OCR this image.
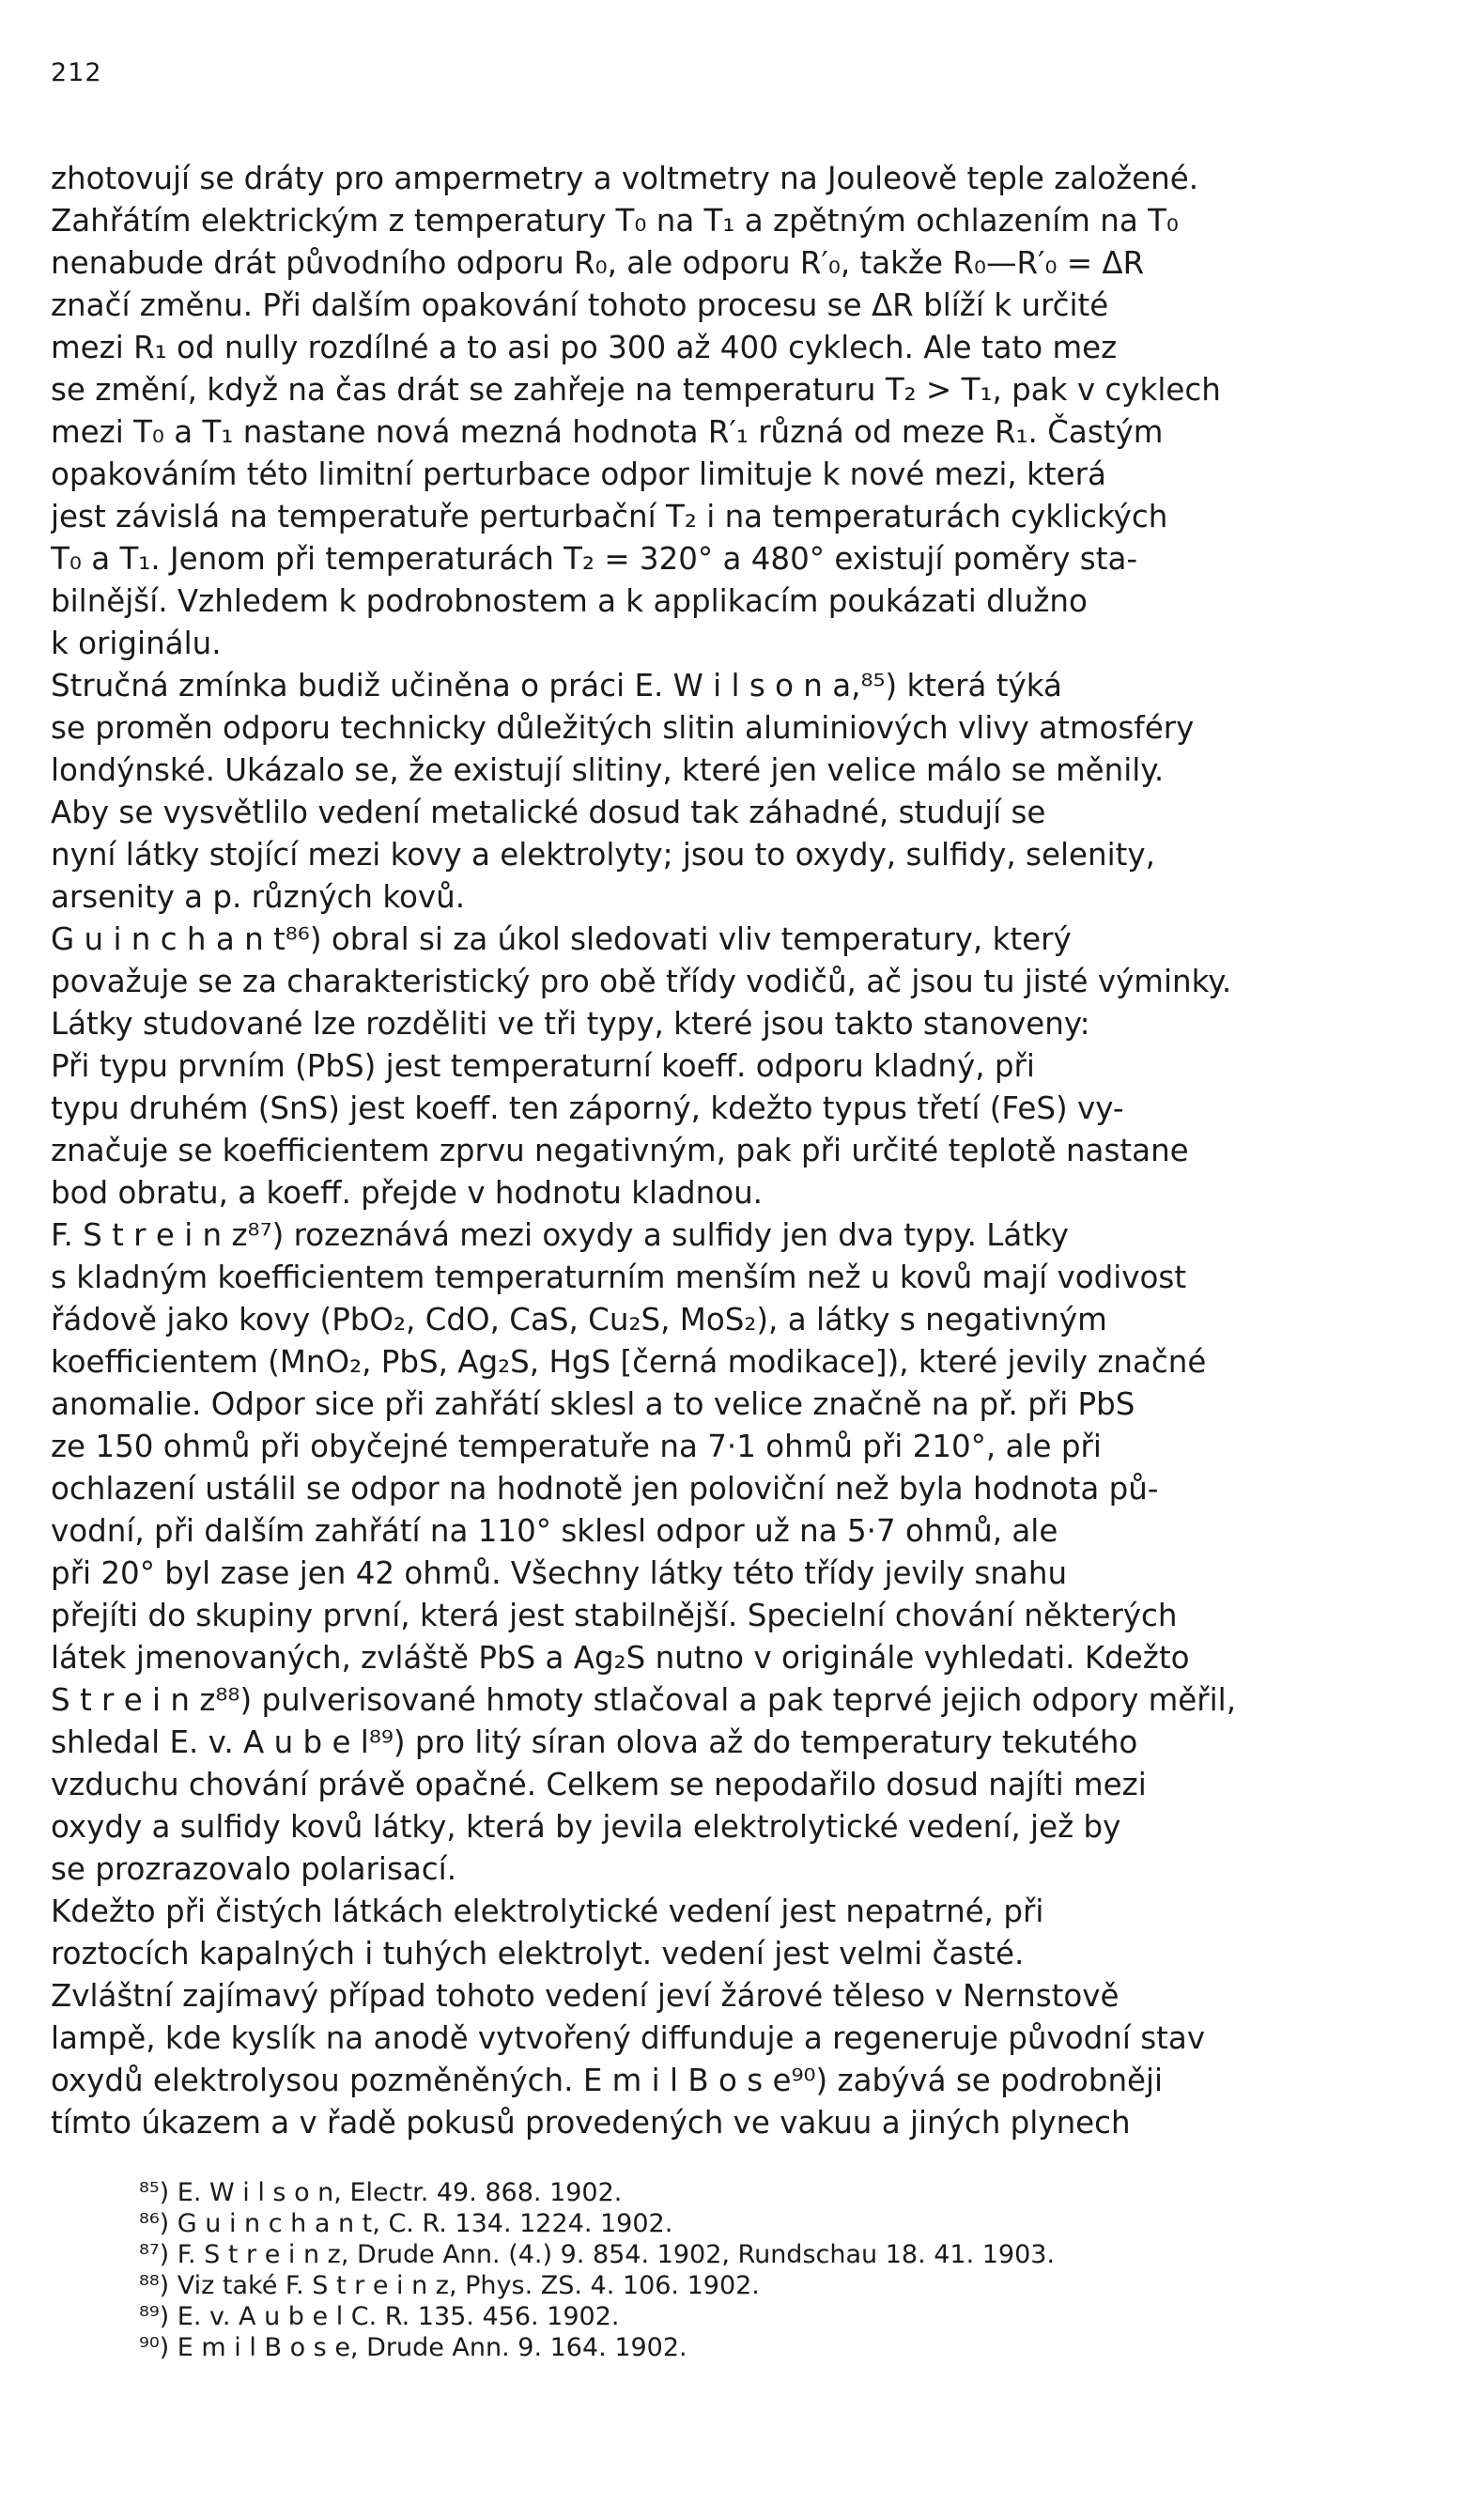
212
zhotovují se dráty pro ampermetry a voltmetry na Jouleově teple založené.
Zahřátím elektrickým z temperatury T₀ na T₁ a zpětným ochlazením na T₀
nenabude drát původního odporu R₀, ale odporu R′₀, takže R₀—R′₀ = ΔR
značí změnu. Při dalším opakování tohoto procesu se ΔR blíží k určité
mezi R₁ od nully rozdílné a to asi po 300 až 400 cyklech. Ale tato mez
se změní, když na čas drát se zahřeje na temperaturu T₂ > T₁, pak v cyklech
mezi T₀ a T₁ nastane nová mezná hodnota R′₁ různá od meze R₁. Častým
opakováním této limitní perturbace odpor limituje k nové mezi, která
jest závislá na temperatuře perturbační T₂ i na temperaturách cyklických
T₀ a T₁. Jenom při temperaturách T₂ = 320° a 480° existují poměry sta-
bilnější. Vzhledem k podrobnostem a k applikacím poukázati dlužno
k originálu.
Stručná zmínka budiž učiněna o práci E. W i l s o n a,⁸⁵) která týká
se proměn odporu technicky důležitých slitin aluminiových vlivy atmosféry
londýnské. Ukázalo se, že existují slitiny, které jen velice málo se měnily.
Aby se vysvětlilo vedení metalické dosud tak záhadné, studují se
nyní látky stojící mezi kovy a elektrolyty; jsou to oxydy, sulfidy, selenity,
arsenity a p. různých kovů.
G u i n c h a n t⁸⁶) obral si za úkol sledovati vliv temperatury, který
považuje se za charakteristický pro obě třídy vodičů, ač jsou tu jisté výminky.
Látky studované lze rozděliti ve tři typy, které jsou takto stanoveny:
Při typu prvním (PbS) jest temperaturní koeff. odporu kladný, při
typu druhém (SnS) jest koeff. ten záporný, kdežto typus třetí (FeS) vy-
značuje se koefficientem zprvu negativným, pak při určité teplotě nastane
bod obratu, a koeff. přejde v hodnotu kladnou.
F. S t r e i n z⁸⁷) rozeznává mezi oxydy a sulfidy jen dva typy. Látky
s kladným koefficientem temperaturním menším než u kovů mají vodivost
řádově jako kovy (PbO₂, CdO, CaS, Cu₂S, MoS₂), a látky s negativným
koefficientem (MnO₂, PbS, Ag₂S, HgS [černá modikace]), které jevily značné
anomalie. Odpor sice při zahřátí sklesl a to velice značně na př. při PbS
ze 150 ohmů při obyčejné temperatuře na 7·1 ohmů při 210°, ale při
ochlazení ustálil se odpor na hodnotě jen poloviční než byla hodnota pů-
vodní, při dalším zahřátí na 110° sklesl odpor už na 5·7 ohmů, ale
při 20° byl zase jen 42 ohmů. Všechny látky této třídy jevily snahu
přejíti do skupiny první, která jest stabilnější. Specielní chování některých
látek jmenovaných, zvláště PbS a Ag₂S nutno v originále vyhledati. Kdežto
S t r e i n z⁸⁸) pulverisované hmoty stlačoval a pak teprvé jejich odpory měřil,
shledal E. v. A u b e l⁸⁹) pro litý síran olova až do temperatury tekutého
vzduchu chování právě opačné. Celkem se nepodařilo dosud najíti mezi
oxydy a sulfidy kovů látky, která by jevila elektrolytické vedení, jež by
se prozrazovalo polarisací.
Kdežto při čistých látkách elektrolytické vedení jest nepatrné, při
roztocích kapalných i tuhých elektrolyt. vedení jest velmi časté.
Zvláštní zajímavý případ tohoto vedení jeví žárové těleso v Nernstově
lampě, kde kyslík na anodě vytvořený diffunduje a regeneruje původní stav
oxydů elektrolysou pozměněných. E m i l B o s e⁹⁰) zabývá se podrobněji
tímto úkazem a v řadě pokusů provedených ve vakuu a jiných plynech
⁸⁵) E. W i l s o n, Electr. 49. 868. 1902.
⁸⁶) G u i n c h a n t, C. R. 134. 1224. 1902.
⁸⁷) F. S t r e i n z, Drude Ann. (4.) 9. 854. 1902, Rundschau 18. 41. 1903.
⁸⁸) Viz také F. S t r e i n z, Phys. ZS. 4. 106. 1902.
⁸⁹) E. v. A u b e l C. R. 135. 456. 1902.
⁹⁰) E m i l B o s e, Drude Ann. 9. 164. 1902.
